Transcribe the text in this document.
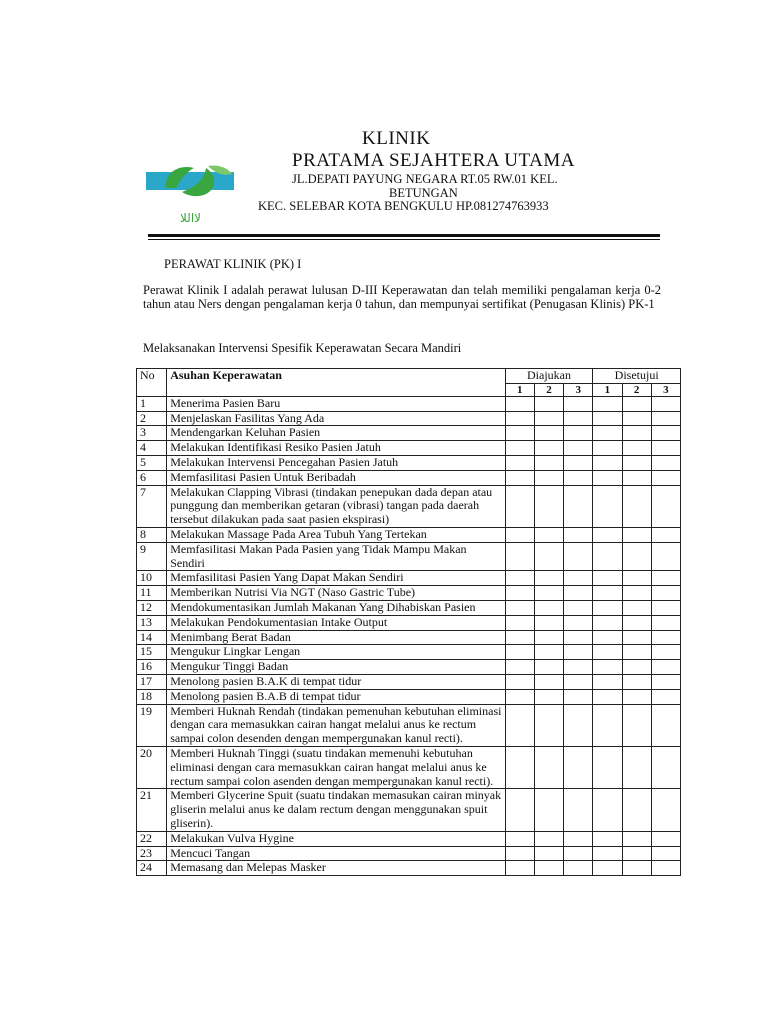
لااللا
KLINIK
PRATAMA SEJAHTERA UTAMA
JL.DEPATI PAYUNG NEGARA RT.05 RW.01 KEL.
BETUNGAN
KEC. SELEBAR KOTA BENGKULU HP.081274763933
PERAWAT KLINIK (PK) I

Perawat Klinik I adalah perawat lulusan D-III Keperawatan dan telah memiliki pengalaman kerja 0-2 tahun atau Ners dengan pengalaman kerja 0 tahun, dan mempunyai sertifikat (Penugasan Klinis) PK-1

Melaksanakan Intervensi Spesifik Keperawatan Secara Mandiri
No	Asuhan Keperawatan	Diajukan			Disetujui		
		1	2	3	1	2	3
1	Menerima Pasien Baru						
2	Menjelaskan Fasilitas Yang Ada						
3	Mendengarkan Keluhan Pasien						
4	Melakukan Identifikasi Resiko Pasien Jatuh						
5	Melakukan Intervensi Pencegahan Pasien Jatuh						
6	Memfasilitasi Pasien Untuk Beribadah						
7	Melakukan Clapping Vibrasi (tindakan penepukan dada depan atau punggung dan memberikan getaran (vibrasi) tangan pada daerah tersebut dilakukan pada saat pasien ekspirasi)						
8	Melakukan Massage Pada Area Tubuh Yang Tertekan						
9	Memfasilitasi Makan Pada Pasien yang Tidak Mampu Makan Sendiri						
10	Memfasilitasi Pasien Yang Dapat Makan Sendiri						
11	Memberikan Nutrisi Via NGT (Naso Gastric Tube)						
12	Mendokumentasikan Jumlah Makanan Yang Dihabiskan Pasien						
13	Melakukan Pendokumentasian Intake Output						
14	Menimbang Berat Badan						
15	Mengukur Lingkar Lengan						
16	Mengukur Tinggi Badan						
17	Menolong pasien B.A.K di tempat tidur						
18	Menolong pasien B.A.B di tempat tidur						
19	Memberi Huknah Rendah (tindakan pemenuhan kebutuhan eliminasi dengan cara memasukkan cairan hangat melalui anus ke rectum sampai colon desenden dengan mempergunakan kanul recti).						
20	Memberi Huknah Tinggi (suatu tindakan memenuhi kebutuhan eliminasi dengan cara memasukkan cairan hangat melalui anus ke rectum sampai colon asenden dengan mempergunakan kanul recti).						
21	Memberi Glycerine Spuit (suatu tindakan memasukan cairan minyak gliserin melalui anus ke dalam rectum dengan menggunakan spuit gliserin).						
22	Melakukan Vulva Hygine						
23	Mencuci Tangan						
24	Memasang dan Melepas Masker						
